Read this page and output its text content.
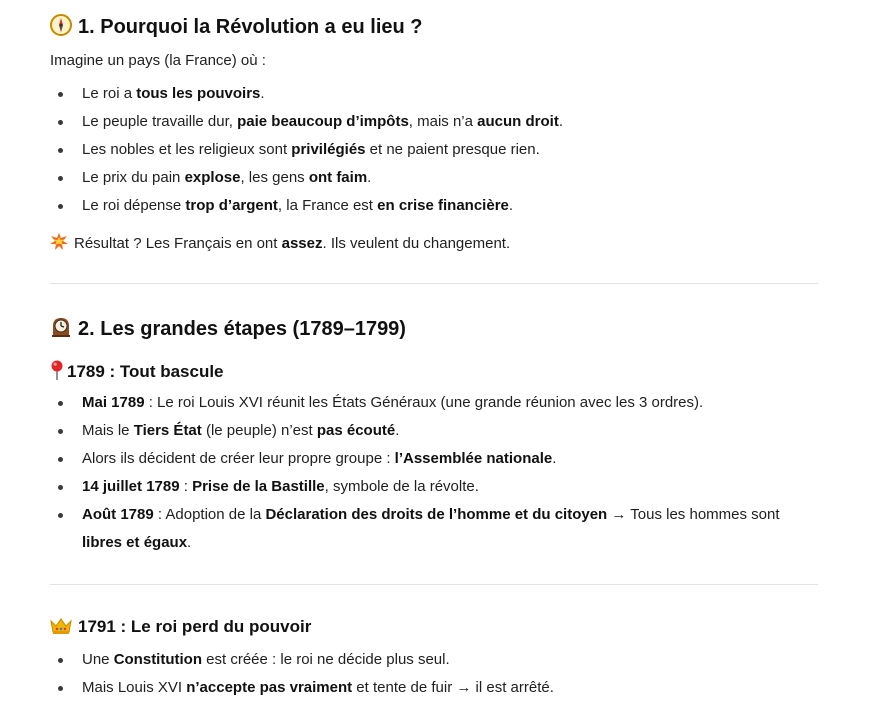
1. Pourquoi la Révolution a eu lieu ?
Imagine un pays (la France) où :
Le roi a tous les pouvoirs.
Le peuple travaille dur, paie beaucoup d’impôts, mais n’a aucun droit.
Les nobles et les religieux sont privilégiés et ne paient presque rien.
Le prix du pain explose, les gens ont faim.
Le roi dépense trop d’argent, la France est en crise financière.
Résultat ? Les Français en ont assez. Ils veulent du changement.
2. Les grandes étapes (1789–1799)
1789 : Tout bascule
Mai 1789 : Le roi Louis XVI réunit les États Généraux (une grande réunion avec les 3 ordres).
Mais le Tiers État (le peuple) n’est pas écouté.
Alors ils décident de créer leur propre groupe : l’Assemblée nationale.
14 juillet 1789 : Prise de la Bastille, symbole de la révolte.
Août 1789 : Adoption de la Déclaration des droits de l’homme et du citoyen → Tous les hommes sont
libres et égaux.
1791 : Le roi perd du pouvoir
Une Constitution est créée : le roi ne décide plus seul.
Mais Louis XVI n’accepte pas vraiment et tente de fuir → il est arrêté.
